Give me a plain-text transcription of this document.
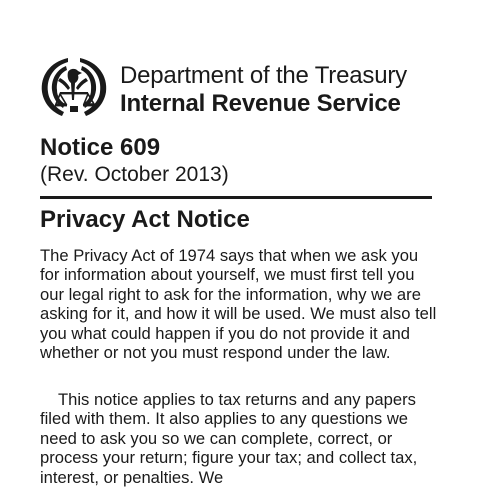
Department of the Treasury
Internal Revenue Service
Notice 609
(Rev. October 2013)
Privacy Act Notice

The Privacy Act of 1974 says that when we ask you for information about yourself, we must first tell you our legal right to ask for the information, why we are asking for it, and how it will be used. We must also tell you what could happen if you do not provide it and whether or not you must respond under the law.

This notice applies to tax returns and any papers filed with them. It also applies to any questions we need to ask you so we can complete, correct, or process your return; figure your tax; and collect tax, interest, or penalties. We
